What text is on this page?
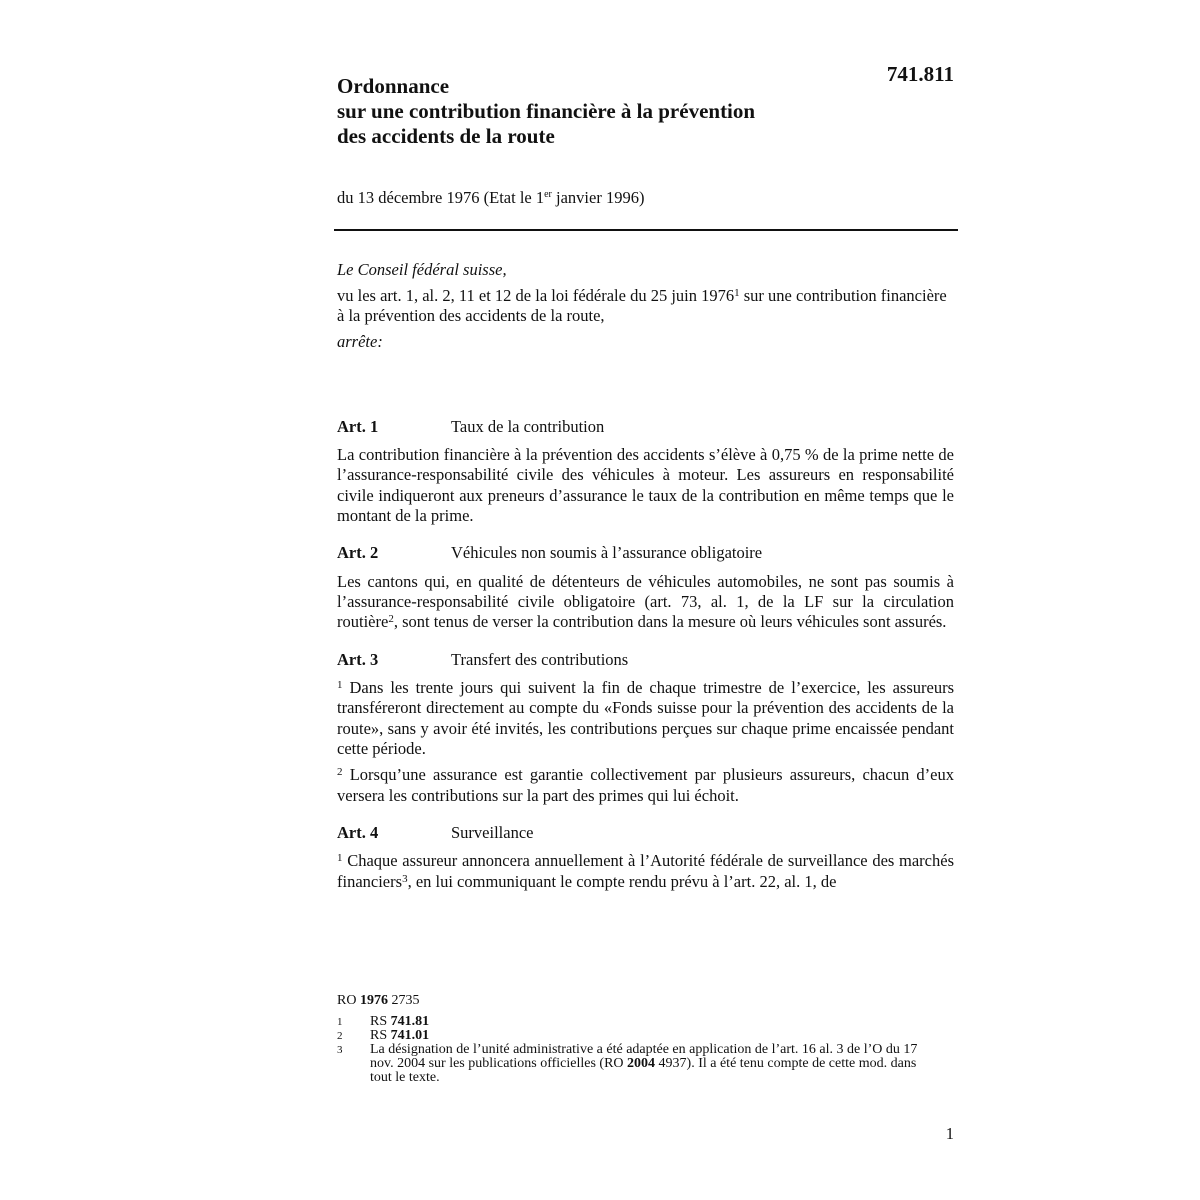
741.811
Ordonnance
sur une contribution financière à la prévention
des accidents de la route
du 13 décembre 1976 (Etat le 1er janvier 1996)

Le Conseil fédéral suisse,

vu les art. 1, al. 2, 11 et 12 de la loi fédérale du 25 juin 1976$^1$ sur une contribution financière à la prévention des accidents de la route,

arrête:

Art. 1	Taux de la contribution

La contribution financière à la prévention des accidents s’élève à 0,75 % de la prime nette de l’assurance-responsabilité civile des véhicules à moteur. Les assureurs en responsabilité civile indiqueront aux preneurs d’assurance le taux de la contribution en même temps que le montant de la prime.

Art. 2	Véhicules non soumis à l’assurance obligatoire

Les cantons qui, en qualité de détenteurs de véhicules automobiles, ne sont pas soumis à l’assurance-responsabilité civile obligatoire (art. 73, al. 1, de la LF sur la circulation routière$^2$, sont tenus de verser la contribution dans la mesure où leurs véhicules sont assurés.

Art. 3	Transfert des contributions

$^1$ Dans les trente jours qui suivent la fin de chaque trimestre de l’exercice, les assureurs transféreront directement au compte du «Fonds suisse pour la prévention des accidents de la route», sans y avoir été invités, les contributions perçues sur chaque prime encaissée pendant cette période.

$^2$ Lorsqu’une assurance est garantie collectivement par plusieurs assureurs, chacun d’eux versera les contributions sur la part des primes qui lui échoit.

Art. 4	Surveillance

$^1$ Chaque assureur annoncera annuellement à l’Autorité fédérale de surveillance des marchés financiers$^3$, en lui communiquant le compte rendu prévu à l’art. 22, al. 1, de

RO 1976 2735
1	RS 741.81
2	RS 741.01
3	La désignation de l’unité administrative a été adaptée en application de l’art. 16 al. 3 de l’O du 17 nov. 2004 sur les publications officielles (RO 2004 4937). Il a été tenu compte de cette mod. dans tout le texte.
1
